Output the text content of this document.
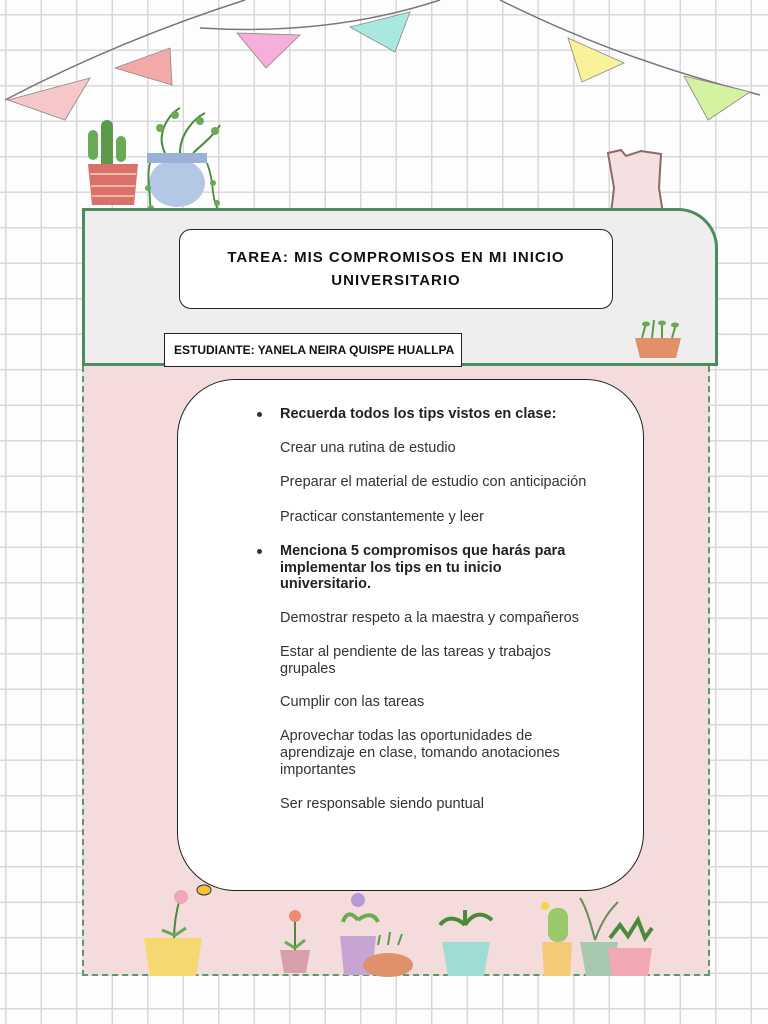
TAREA: MIS COMPROMISOS EN MI INICIO UNIVERSITARIO
ESTUDIANTE: YANELA NEIRA QUISPE HUALLPA
Recuerda todos los tips vistos en clase:
Crear una rutina de estudio
Preparar el material de estudio con anticipación
Practicar constantemente y leer
Menciona 5 compromisos que harás para
implementar los tips en tu inicio
universitario.
Demostrar respeto a la maestra y compañeros
Estar al pendiente de las tareas y trabajos
grupales
Cumplir con las tareas
Aprovechar todas las oportunidades de
aprendizaje en clase, tomando anotaciones
importantes
Ser responsable siendo puntual
